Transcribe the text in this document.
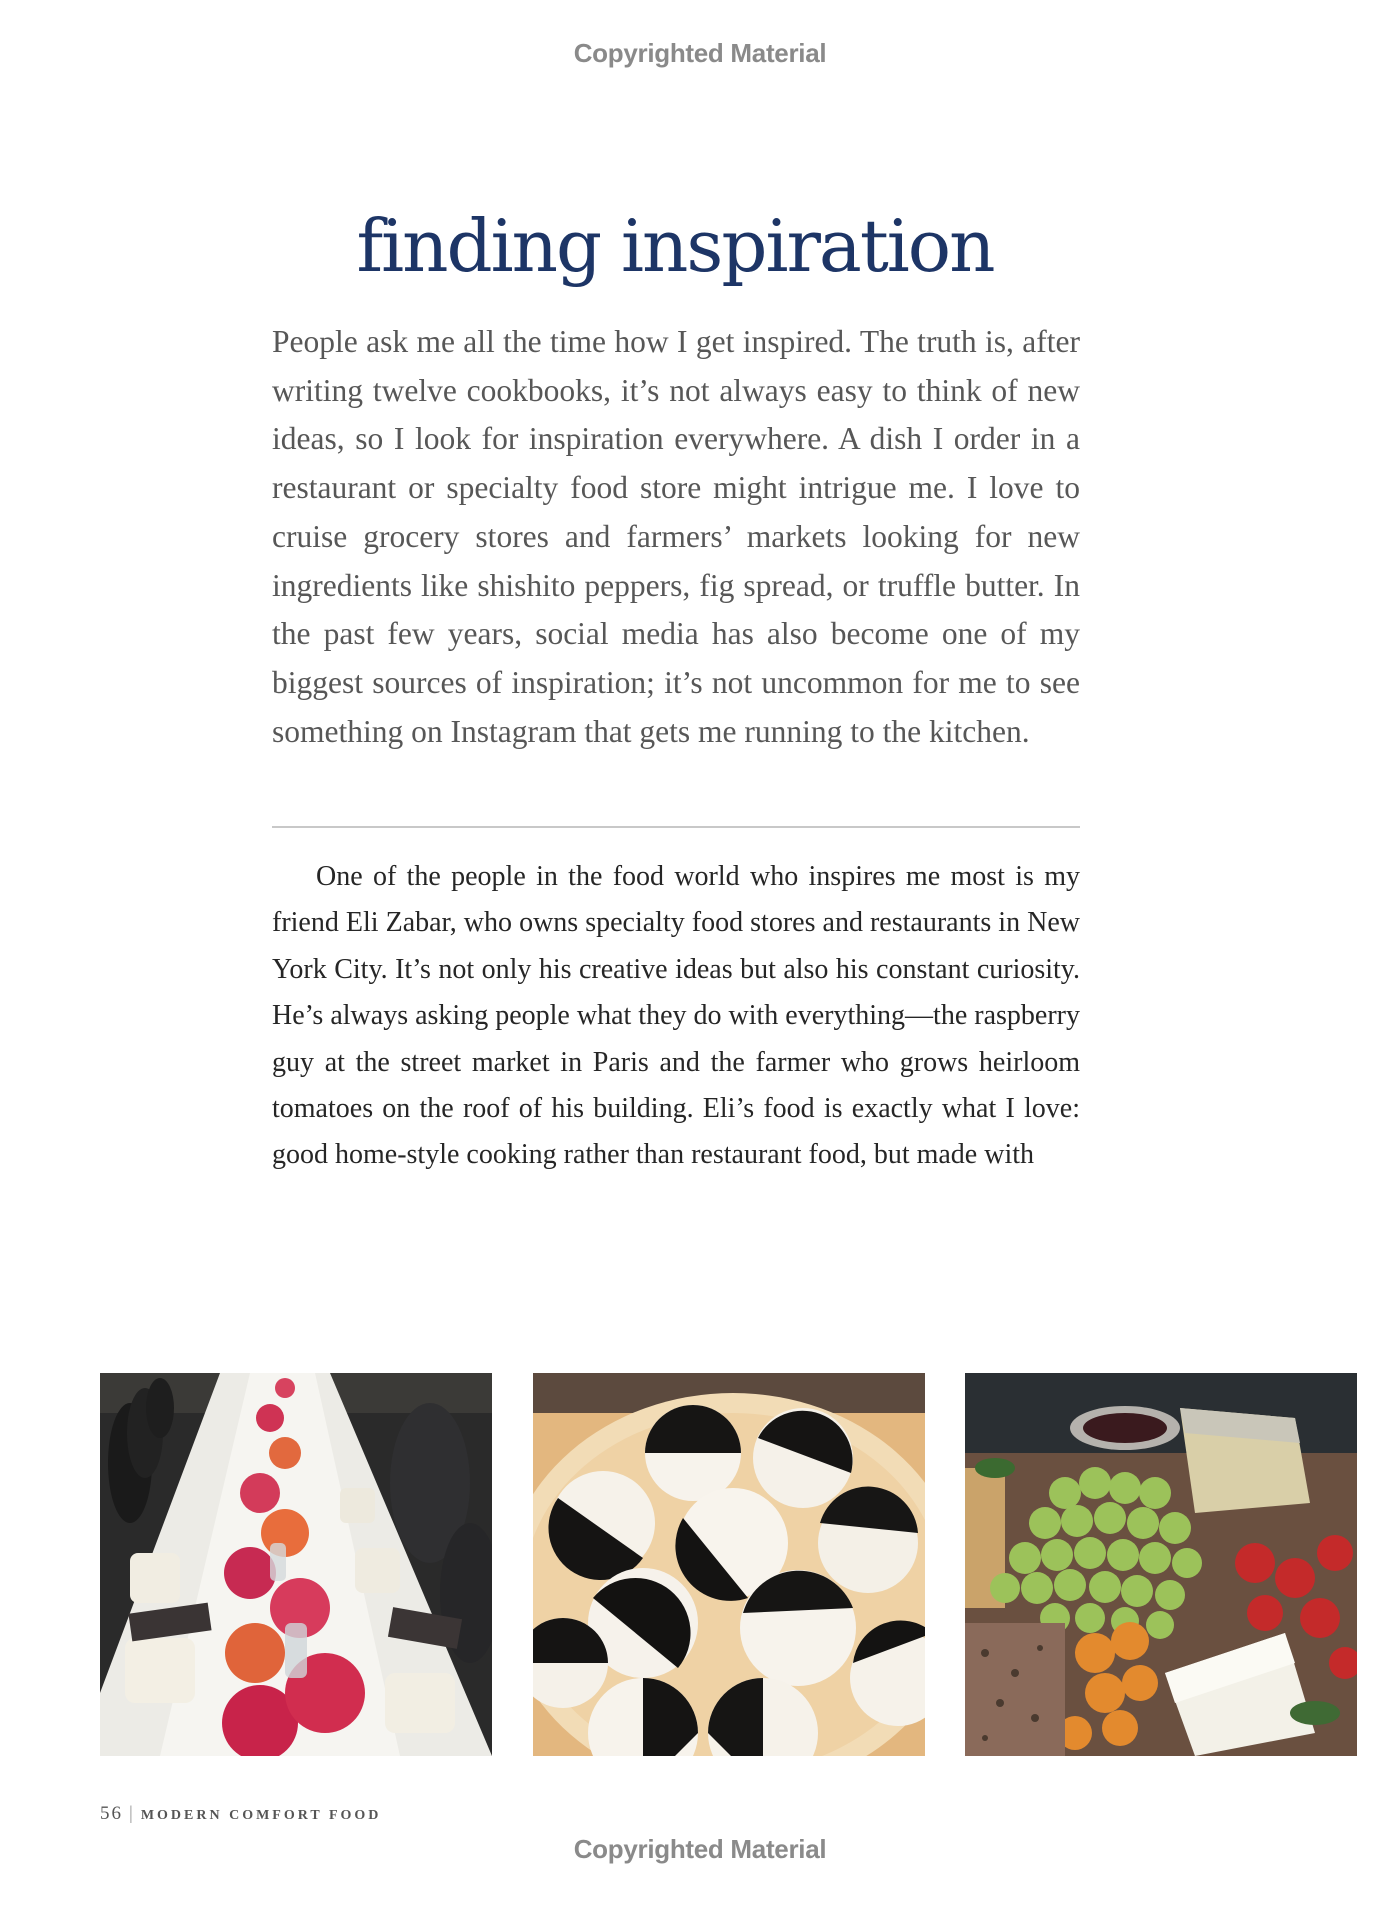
Copyrighted Material
finding inspiration

People ask me all the time how I get inspired. The truth is, after writing twelve cookbooks, it’s not always easy to think of new ideas, so I look for inspiration everywhere. A dish I order in a restaurant or specialty food store might intrigue me. I love to cruise grocery stores and farmers’ markets looking for new ingredients like shishito peppers, fig spread, or truffle butter. In the past few years, social media has also become one of my biggest sources of inspiration; it’s not uncommon for me to see something on Instagram that gets me running to the kitchen.

One of the people in the food world who inspires me most is my friend Eli Zabar, who owns specialty food stores and restaurants in New York City. It’s not only his creative ideas but also his constant curiosity. He’s always asking people what they do with everything—the raspberry guy at the street market in Paris and the farmer who grows heirloom tomatoes on the roof of his building. Eli’s food is exactly what I love: good home-style cooking rather than restaurant food, but made with

56 | MODERN COMFORT FOOD
Copyrighted Material
